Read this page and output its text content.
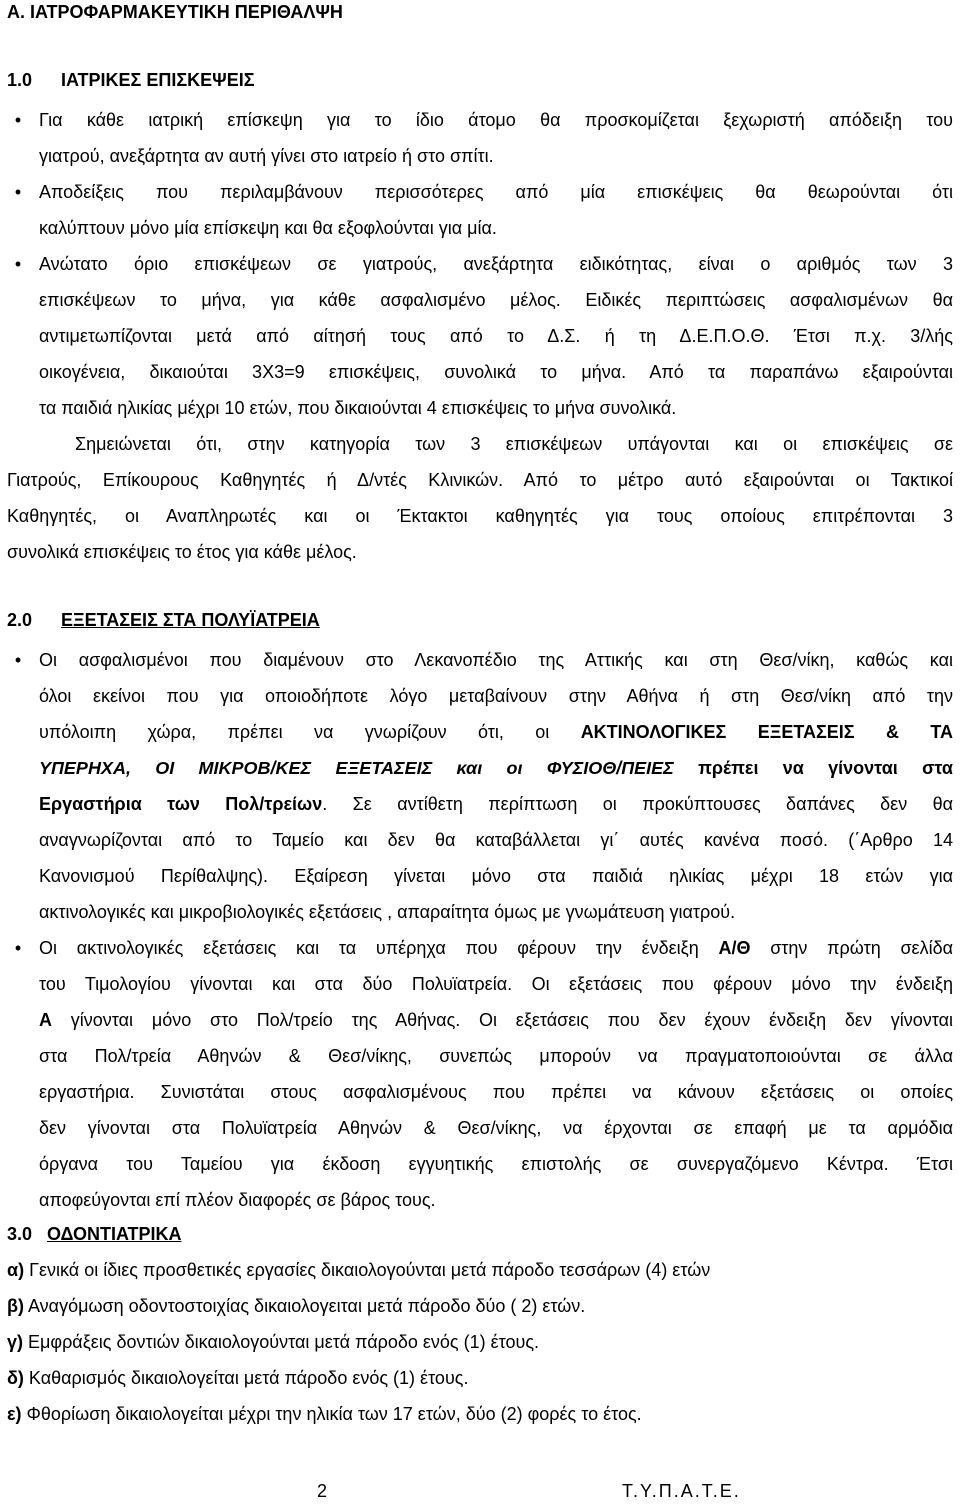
Α. ΙΑΤΡΟΦΑΡΜΑΚΕΥΤΙΚΗ ΠΕΡΙΘΑΛΨΗ
1.0 ΙΑΤΡΙΚΕΣ ΕΠΙΣΚΕΨΕΙΣ
• Για κάθε ιατρική επίσκεψη για το ίδιο άτομο θα προσκομίζεται ξεχωριστή απόδειξη του
γιατρού, ανεξάρτητα αν αυτή γίνει στο ιατρείο ή στο σπίτι.
• Αποδείξεις που περιλαμβάνουν περισσότερες από μία επισκέψεις θα θεωρούνται ότι
καλύπτουν μόνο μία επίσκεψη και θα εξοφλούνται για μία.
• Ανώτατο όριο επισκέψεων σε γιατρούς, ανεξάρτητα ειδικότητας, είναι ο αριθμός των 3
επισκέψεων το μήνα, για κάθε ασφαλισμένο μέλος. Ειδικές περιπτώσεις ασφαλισμένων θα
αντιμετωπίζονται μετά από αίτησή τους από το Δ.Σ. ή τη Δ.Ε.Π.Ο.Θ. Έτσι π.χ. 3/λής
οικογένεια, δικαιούται 3Χ3=9 επισκέψεις, συνολικά το μήνα. Από τα παραπάνω εξαιρούνται
τα παιδιά ηλικίας μέχρι 10 ετών, που δικαιούνται 4 επισκέψεις το μήνα συνολικά.
Σημειώνεται ότι, στην κατηγορία των 3 επισκέψεων υπάγονται και οι επισκέψεις σε
Γιατρούς, Επίκουρους Καθηγητές ή Δ/ντές Κλινικών. Από το μέτρο αυτό εξαιρούνται οι Τακτικοί
Καθηγητές, οι Αναπληρωτές και οι Έκτακτοι καθηγητές για τους οποίους επιτρέπονται 3
συνολικά επισκέψεις το έτος για κάθε μέλος.
2.0 ΕΞΕΤΑΣΕΙΣ ΣΤΑ ΠΟΛΥΪΑΤΡΕΙΑ
• Οι ασφαλισμένοι που διαμένουν στο Λεκανοπέδιο της Αττικής και στη Θεσ/νίκη, καθώς και
όλοι εκείνοι που για οποιοδήποτε λόγο μεταβαίνουν στην Αθήνα ή στη Θεσ/νίκη από την
υπόλοιπη χώρα, πρέπει να γνωρίζουν ότι, οι ΑΚΤΙΝΟΛΟΓΙΚΕΣ ΕΞΕΤΑΣΕΙΣ & ΤΑ
ΥΠΕΡΗΧΑ, ΟΙ ΜΙΚΡΟΒ/ΚΕΣ ΕΞΕΤΑΣΕΙΣ και οι ΦΥΣΙΟΘ/ΠΕΙΕΣ πρέπει να γίνονται στα
Εργαστήρια των Πολ/τρείων. Σε αντίθετη περίπτωση οι προκύπτουσες δαπάνες δεν θα
αναγνωρίζονται από το Ταμείο και δεν θα καταβάλλεται γι΄ αυτές κανένα ποσό. (΄Αρθρο 14
Κανονισμού Περίθαλψης). Εξαίρεση γίνεται μόνο στα παιδιά ηλικίας μέχρι 18 ετών για
ακτινολογικές και μικροβιολογικές εξετάσεις , απαραίτητα όμως με γνωμάτευση γιατρού.
• Οι ακτινολογικές εξετάσεις και τα υπέρηχα που φέρουν την ένδειξη Α/Θ στην πρώτη σελίδα
του Τιμολογίου γίνονται και στα δύο Πολυϊατρεία. Οι εξετάσεις που φέρουν μόνο την ένδειξη
Α γίνονται μόνο στο Πολ/τρείο της Αθήνας. Οι εξετάσεις που δεν έχουν ένδειξη δεν γίνονται
στα Πολ/τρεία Αθηνών & Θεσ/νίκης, συνεπώς μπορούν να πραγματοποιούνται σε άλλα
εργαστήρια. Συνιστάται στους ασφαλισμένους που πρέπει να κάνουν εξετάσεις οι οποίες
δεν γίνονται στα Πολυϊατρεία Αθηνών & Θεσ/νίκης, να έρχονται σε επαφή με τα αρμόδια
όργανα του Ταμείου για έκδοση εγγυητικής επιστολής σε συνεργαζόμενο Κέντρα. Έτσι
αποφεύγονται επί πλέον διαφορές σε βάρος τους.
3.0 ΟΔΟΝΤΙΑΤΡΙΚΑ
α) Γενικά οι ίδιες προσθετικές εργασίες δικαιολογούνται μετά πάροδο τεσσάρων (4) ετών
β) Αναγόμωση οδοντοστοιχίας δικαιολογειται μετά πάροδο δύο ( 2) ετών.
γ) Εμφράξεις δοντιών δικαιολογούνται μετά πάροδο ενός (1) έτους.
δ) Καθαρισμός δικαιολογείται μετά πάροδο ενός (1) έτους.
ε) Φθορίωση δικαιολογείται μέχρι την ηλικία των 17 ετών, δύο (2) φορές το έτος.
2	Τ.Υ.Π.Α.Τ.Ε.
